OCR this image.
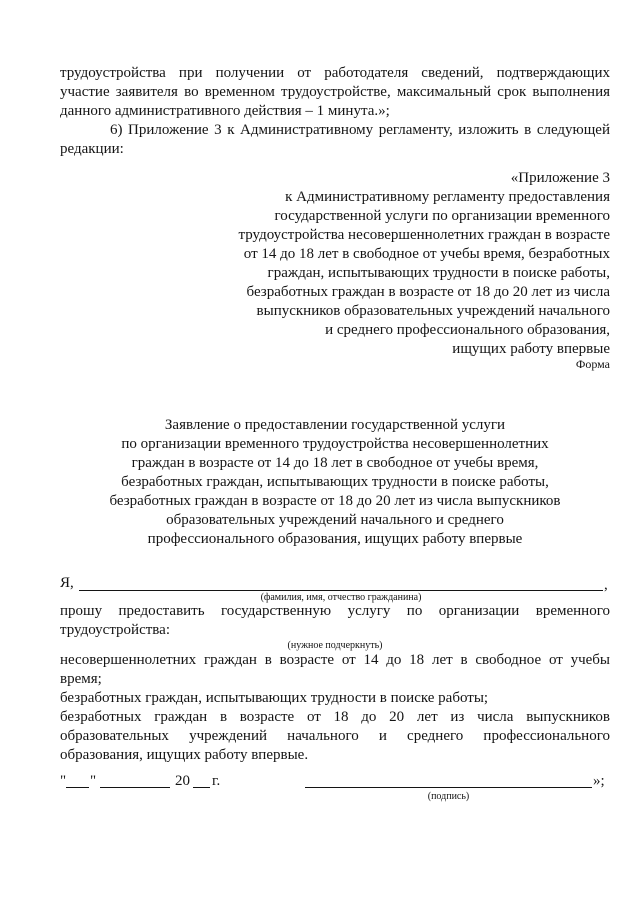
трудоустройства при получении от работодателя сведений, подтверждающих

участие заявителя во временном трудоустройстве, максимальный срок выполнения

данного административного действия – 1 минута.»;

6) Приложение 3 к Административному регламенту, изложить в следующей

редакции:

«Приложение 3

к Административному регламенту предоставления

государственной услуги по организации временного

трудоустройства несовершеннолетних граждан в возрасте

от 14 до 18 лет в свободное от учебы время, безработных

граждан, испытывающих трудности в поиске работы,

безработных граждан в возрасте от 18 до 20 лет из числа

выпускников образовательных учреждений начального

и среднего профессионального образования,

ищущих работу впервые

Форма

Заявление о предоставлении государственной услуги

по организации временного трудоустройства несовершеннолетних

граждан в возрасте от 14 до 18 лет в свободное от учебы время,

безработных граждан, испытывающих трудности в поиске работы,

безработных граждан в возрасте от 18 до 20 лет из числа выпускников

образовательных учреждений начального и среднего

профессионального образования, ищущих работу впервые

Я,	,
(фамилия, имя, отчество гражданина)

прошу предоставить государственную услугу по организации временного

трудоустройства:

(нужное подчеркнуть)

несовершеннолетних граждан в возрасте от 14 до 18 лет в свободное от учебы

время;

безработных граждан, испытывающих трудности в поиске работы;

безработных граждан в возрасте от 18 до 20 лет из числа выпускников

образовательных учреждений начального и среднего профессионального

образования, ищущих работу впервые.

" "	20 г.	»;
(подпись)
